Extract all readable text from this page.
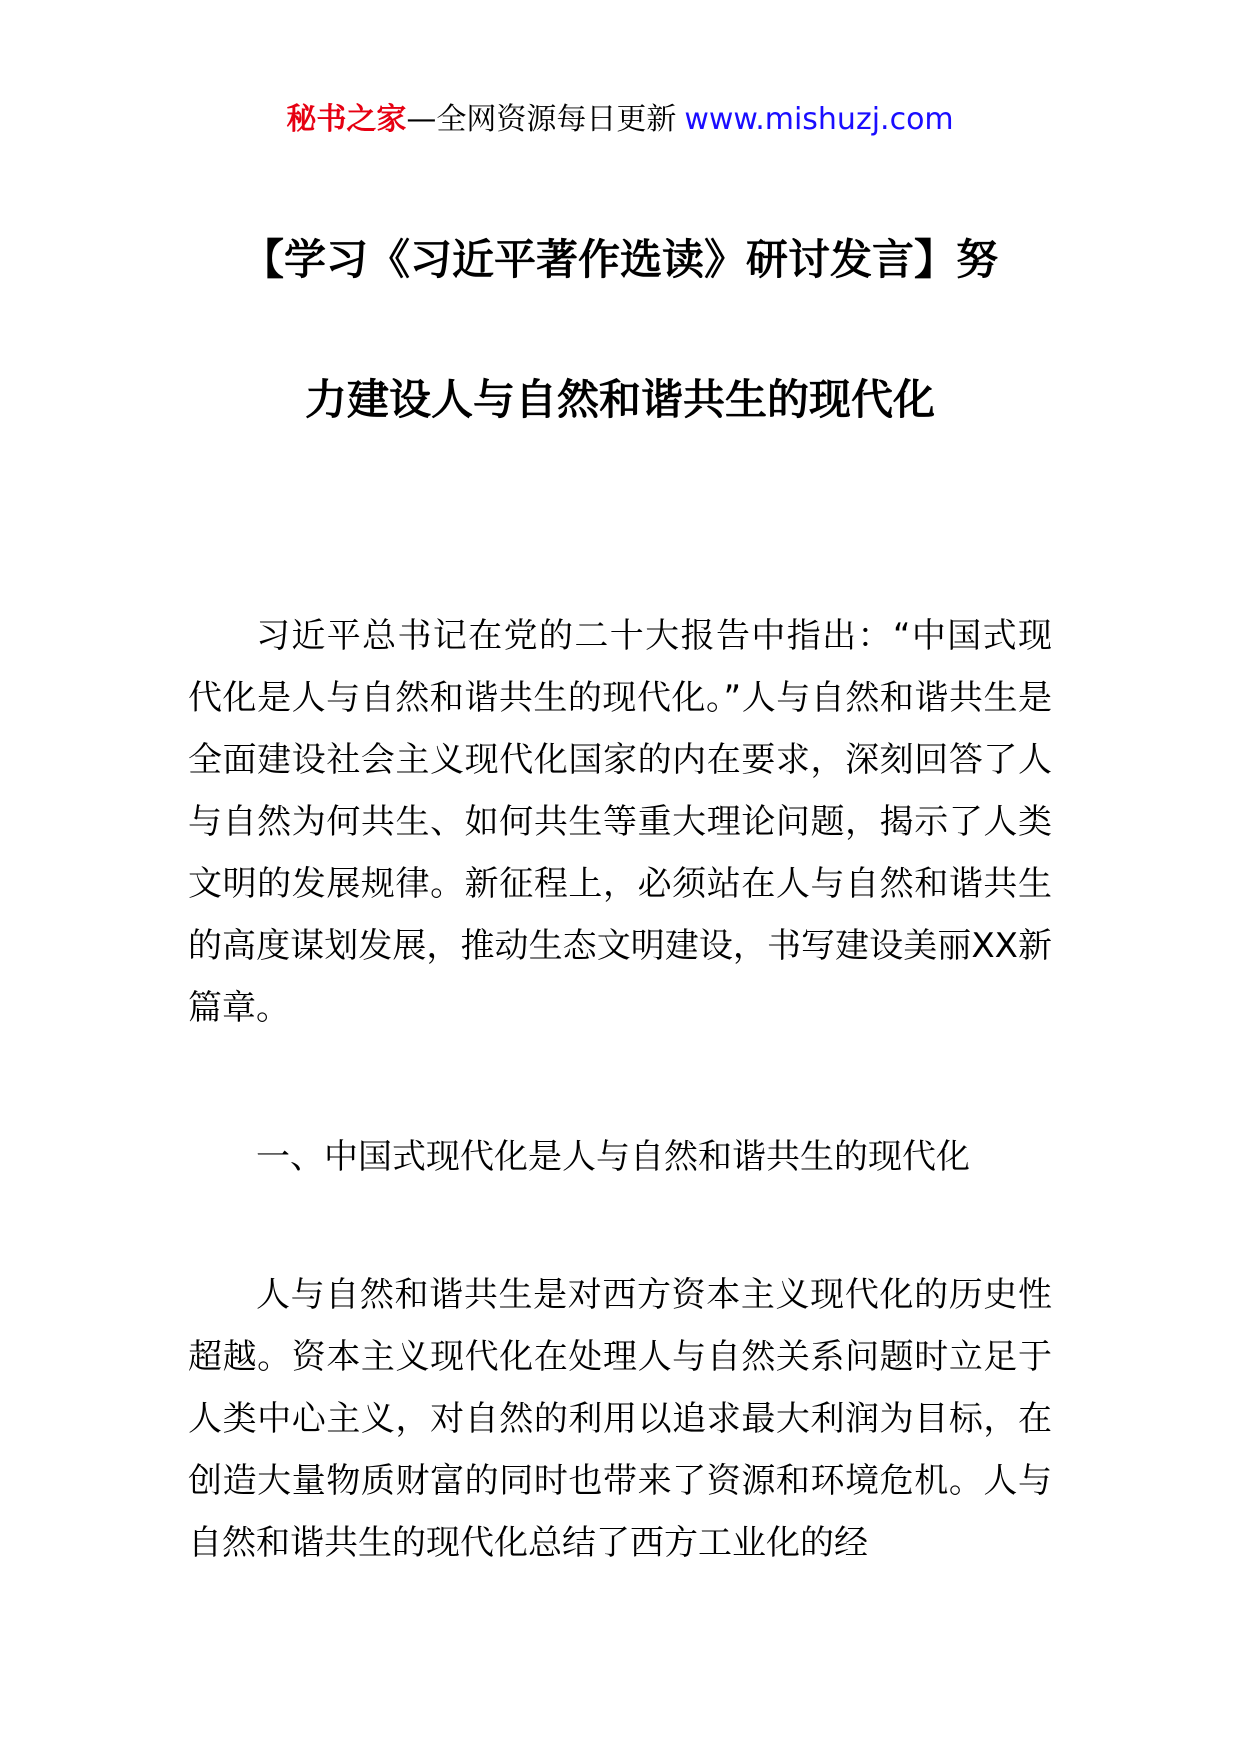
秘书之家—全网资源每日更新 www.mishuzj.com
【学习《习近平著作选读》研讨发言】努
力建设人与自然和谐共生的现代化

习近平总书记在党的二十大报告中指出：“中国式现代化是人与自然和谐共生的现代化。”人与自然和谐共生是全面建设社会主义现代化国家的内在要求，深刻回答了人与自然为何共生、如何共生等重大理论问题，揭示了人类文明的发展规律。新征程上，必须站在人与自然和谐共生的高度谋划发展，推动生态文明建设，书写建设美丽XX新篇章。

一、中国式现代化是人与自然和谐共生的现代化

人与自然和谐共生是对西方资本主义现代化的历史性超越。资本主义现代化在处理人与自然关系问题时立足于人类中心主义，对自然的利用以追求最大利润为目标，在创造大量物质财富的同时也带来了资源和环境危机。人与自然和谐共生的现代化总结了西方工业化的经
